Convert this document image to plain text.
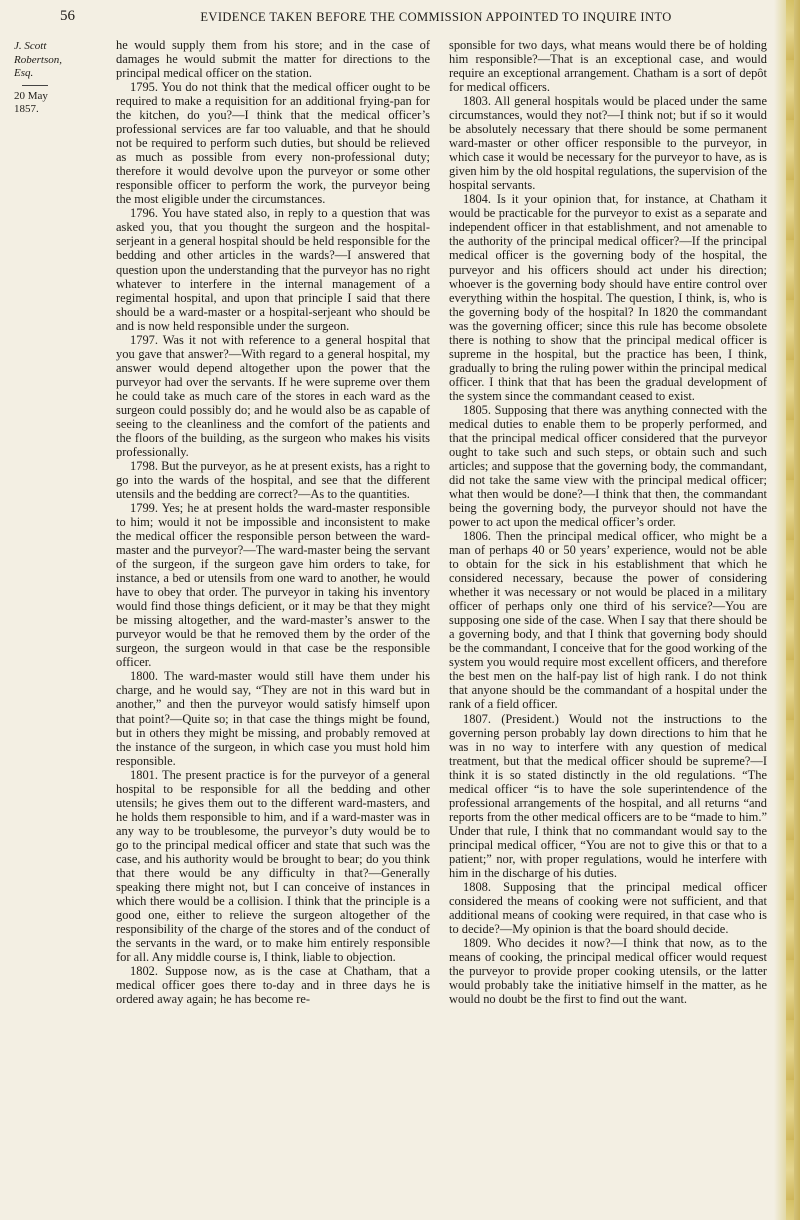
56	EVIDENCE TAKEN BEFORE THE COMMISSION APPOINTED TO INQUIRE INTO
J. Scott
Robertson, Esq.
20 May 1857.

he would supply them from his store; and in the case of damages he would submit the matter for directions to the principal medical officer on the station.

1795. You do not think that the medical officer ought to be required to make a requisition for an additional frying-pan for the kitchen, do you?—I think that the medical officer’s professional services are far too valuable, and that he should not be required to perform such duties, but should be relieved as much as possible from every non-professional duty; therefore it would devolve upon the purveyor or some other responsible officer to perform the work, the purveyor being the most eligible under the circumstances.

1796. You have stated also, in reply to a question that was asked you, that you thought the surgeon and the hospital-serjeant in a general hospital should be held responsible for the bedding and other articles in the wards?—I answered that question upon the understanding that the purveyor has no right whatever to interfere in the internal management of a regimental hospital, and upon that principle I said that there should be a ward-master or a hospital-serjeant who should be and is now held responsible under the surgeon.

1797. Was it not with reference to a general hospital that you gave that answer?—With regard to a general hospital, my answer would depend altogether upon the power that the purveyor had over the servants. If he were supreme over them he could take as much care of the stores in each ward as the surgeon could possibly do; and he would also be as capable of seeing to the cleanliness and the comfort of the patients and the floors of the building, as the surgeon who makes his visits professionally.

1798. But the purveyor, as he at present exists, has a right to go into the wards of the hospital, and see that the different utensils and the bedding are correct?—As to the quantities.

1799. Yes; he at present holds the ward-master responsible to him; would it not be impossible and inconsistent to make the medical officer the responsible person between the ward-master and the purveyor?—The ward-master being the servant of the surgeon, if the surgeon gave him orders to take, for instance, a bed or utensils from one ward to another, he would have to obey that order. The purveyor in taking his inventory would find those things deficient, or it may be that they might be missing altogether, and the ward-master’s answer to the purveyor would be that he removed them by the order of the surgeon, the surgeon would in that case be the responsible officer.

1800. The ward-master would still have them under his charge, and he would say, “They are not in this ward but in another,” and then the purveyor would satisfy himself upon that point?—Quite so; in that case the things might be found, but in others they might be missing, and probably removed at the instance of the surgeon, in which case you must hold him responsible.

1801. The present practice is for the purveyor of a general hospital to be responsible for all the bedding and other utensils; he gives them out to the different ward-masters, and he holds them responsible to him, and if a ward-master was in any way to be troublesome, the purveyor’s duty would be to go to the principal medical officer and state that such was the case, and his authority would be brought to bear; do you think that there would be any difficulty in that?—Generally speaking there might not, but I can conceive of instances in which there would be a collision. I think that the principle is a good one, either to relieve the surgeon altogether of the responsibility of the charge of the stores and of the conduct of the servants in the ward, or to make him entirely responsible for all. Any middle course is, I think, liable to objection.

1802. Suppose now, as is the case at Chatham, that a medical officer goes there to-day and in three days he is ordered away again; he has become re-

sponsible for two days, what means would there be of holding him responsible?—That is an exceptional case, and would require an exceptional arrangement. Chatham is a sort of depôt for medical officers.

1803. All general hospitals would be placed under the same circumstances, would they not?—I think not; but if so it would be absolutely necessary that there should be some permanent ward-master or other officer responsible to the purveyor, in which case it would be necessary for the purveyor to have, as is given him by the old hospital regulations, the supervision of the hospital servants.

1804. Is it your opinion that, for instance, at Chatham it would be practicable for the purveyor to exist as a separate and independent officer in that establishment, and not amenable to the authority of the principal medical officer?—If the principal medical officer is the governing body of the hospital, the purveyor and his officers should act under his direction; whoever is the governing body should have entire control over everything within the hospital. The question, I think, is, who is the governing body of the hospital? In 1820 the commandant was the governing officer; since this rule has become obsolete there is nothing to show that the principal medical officer is supreme in the hospital, but the practice has been, I think, gradually to bring the ruling power within the principal medical officer. I think that that has been the gradual development of the system since the commandant ceased to exist.

1805. Supposing that there was anything connected with the medical duties to enable them to be properly performed, and that the principal medical officer considered that the purveyor ought to take such and such steps, or obtain such and such articles; and suppose that the governing body, the commandant, did not take the same view with the principal medical officer; what then would be done?—I think that then, the commandant being the governing body, the purveyor should not have the power to act upon the medical officer’s order.

1806. Then the principal medical officer, who might be a man of perhaps 40 or 50 years’ experience, would not be able to obtain for the sick in his establishment that which he considered necessary, because the power of considering whether it was necessary or not would be placed in a military officer of perhaps only one third of his service?—You are supposing one side of the case. When I say that there should be a governing body, and that I think that governing body should be the commandant, I conceive that for the good working of the system you would require most excellent officers, and therefore the best men on the half-pay list of high rank. I do not think that anyone should be the commandant of a hospital under the rank of a field officer.

1807. (President.) Would not the instructions to the governing person probably lay down directions to him that he was in no way to interfere with any question of medical treatment, but that the medical officer should be supreme?—I think it is so stated distinctly in the old regulations. “The medical officer “is to have the sole superintendence of the professional arrangements of the hospital, and all returns “and reports from the other medical officers are to be “made to him.” Under that rule, I think that no commandant would say to the principal medical officer, “You are not to give this or that to a patient;” nor, with proper regulations, would he interfere with him in the discharge of his duties.

1808. Supposing that the principal medical officer considered the means of cooking were not sufficient, and that additional means of cooking were required, in that case who is to decide?—My opinion is that the board should decide.

1809. Who decides it now?—I think that now, as to the means of cooking, the principal medical officer would request the purveyor to provide proper cooking utensils, or the latter would probably take the initiative himself in the matter, as he would no doubt be the first to find out the want.
